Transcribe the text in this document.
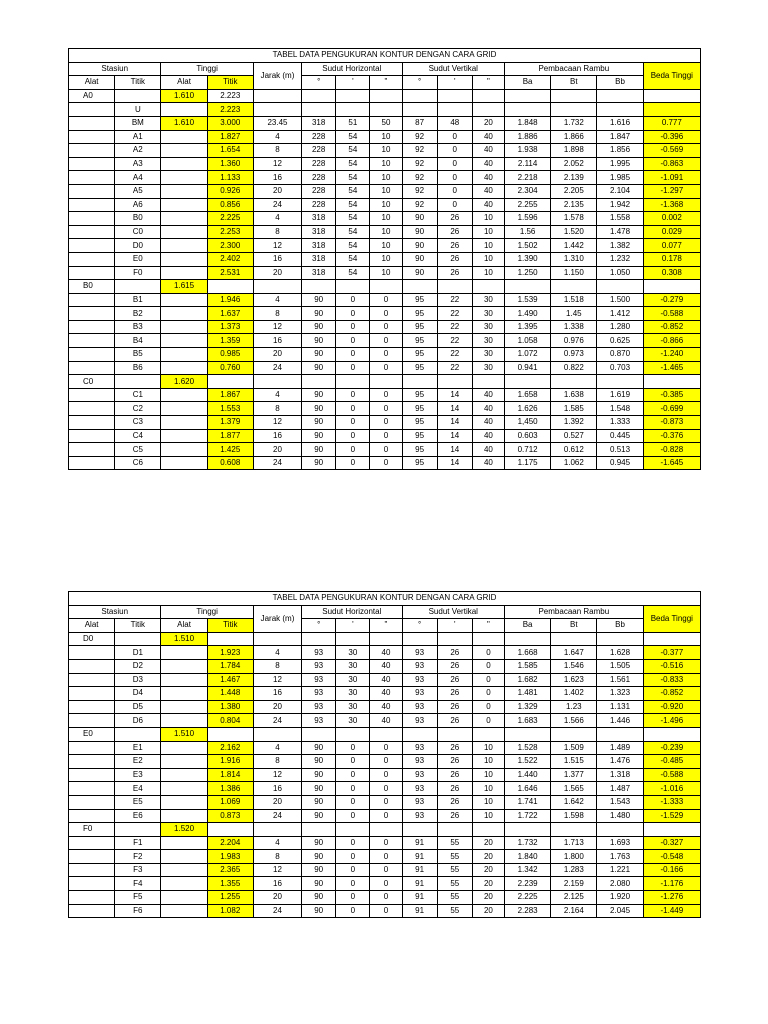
TABEL DATA PENGUKURAN KONTUR DENGAN CARA GRID														
Stasiun		Tinggi		Jarak (m)	Sudut Horizontal			Sudut Vertikal			Pembacaan Rambu			Beda Tinggi
Alat	Titik	Alat	Titik		°	'	"	°	'	"	Ba	Bt	Bb	
A0		1.610	2.223											
	U		2.223											
	BM	1.610	3.000	23.45	318	51	50	87	48	20	1.848	1.732	1.616	0.777
	A1		1.827	4	228	54	10	92	0	40	1.886	1.866	1.847	-0.396
	A2		1.654	8	228	54	10	92	0	40	1.938	1.898	1.856	-0.569
	A3		1.360	12	228	54	10	92	0	40	2.114	2.052	1.995	-0.863
	A4		1.133	16	228	54	10	92	0	40	2.218	2.139	1.985	-1.091
	A5		0.926	20	228	54	10	92	0	40	2.304	2.205	2.104	-1.297
	A6		0.856	24	228	54	10	92	0	40	2.255	2.135	1.942	-1.368
	B0		2.225	4	318	54	10	90	26	10	1.596	1.578	1.558	0.002
	C0		2.253	8	318	54	10	90	26	10	1.56	1.520	1.478	0.029
	D0		2.300	12	318	54	10	90	26	10	1.502	1.442	1.382	0.077
	E0		2.402	16	318	54	10	90	26	10	1.390	1.310	1.232	0.178
	F0		2.531	20	318	54	10	90	26	10	1.250	1.150	1.050	0.308
B0		1.615												
	B1		1.946	4	90	0	0	95	22	30	1.539	1.518	1.500	-0.279
	B2		1.637	8	90	0	0	95	22	30	1.490	1.45	1.412	-0.588
	B3		1.373	12	90	0	0	95	22	30	1.395	1.338	1.280	-0.852
	B4		1.359	16	90	0	0	95	22	30	1.058	0.976	0.625	-0.866
	B5		0.985	20	90	0	0	95	22	30	1.072	0.973	0.870	-1.240
	B6		0.760	24	90	0	0	95	22	30	0.941	0.822	0.703	-1.465
C0		1.620												
	C1		1.867	4	90	0	0	95	14	40	1.658	1.638	1.619	-0.385
	C2		1.553	8	90	0	0	95	14	40	1.626	1.585	1.548	-0.699
	C3		1.379	12	90	0	0	95	14	40	1,450	1.392	1.333	-0.873
	C4		1.877	16	90	0	0	95	14	40	0.603	0.527	0.445	-0.376
	C5		1.425	20	90	0	0	95	14	40	0.712	0.612	0.513	-0.828
	C6		0.608	24	90	0	0	95	14	40	1.175	1.062	0.945	-1.645
TABEL DATA PENGUKURAN KONTUR DENGAN CARA GRID														
Stasiun		Tinggi		Jarak (m)	Sudut Horizontal			Sudut Vertikal			Pembacaan Rambu			Beda Tinggi
Alat	Titik	Alat	Titik		°	'	"	°	'	"	Ba	Bt	Bb	
D0		1.510												
	D1		1.923	4	93	30	40	93	26	0	1.668	1.647	1.628	-0.377
	D2		1.784	8	93	30	40	93	26	0	1.585	1.546	1.505	-0.516
	D3		1.467	12	93	30	40	93	26	0	1.682	1.623	1.561	-0.833
	D4		1.448	16	93	30	40	93	26	0	1.481	1.402	1.323	-0.852
	D5		1.380	20	93	30	40	93	26	0	1.329	1.23	1.131	-0.920
	D6		0.804	24	93	30	40	93	26	0	1.683	1.566	1.446	-1.496
E0		1.510												
	E1		2.162	4	90	0	0	93	26	10	1.528	1.509	1.489	-0.239
	E2		1.916	8	90	0	0	93	26	10	1.522	1.515	1.476	-0.485
	E3		1.814	12	90	0	0	93	26	10	1.440	1.377	1.318	-0.588
	E4		1.386	16	90	0	0	93	26	10	1.646	1.565	1.487	-1.016
	E5		1.069	20	90	0	0	93	26	10	1.741	1.642	1.543	-1.333
	E6		0.873	24	90	0	0	93	26	10	1.722	1.598	1.480	-1.529
F0		1.520												
	F1		2.204	4	90	0	0	91	55	20	1.732	1.713	1.693	-0.327
	F2		1.983	8	90	0	0	91	55	20	1.840	1.800	1.763	-0.548
	F3		2.365	12	90	0	0	91	55	20	1.342	1.283	1.221	-0.166
	F4		1.355	16	90	0	0	91	55	20	2.239	2.159	2.080	-1.176
	F5		1.255	20	90	0	0	91	55	20	2.225	2.125	1.920	-1.276
	F6		1.082	24	90	0	0	91	55	20	2.283	2.164	2.045	-1.449
